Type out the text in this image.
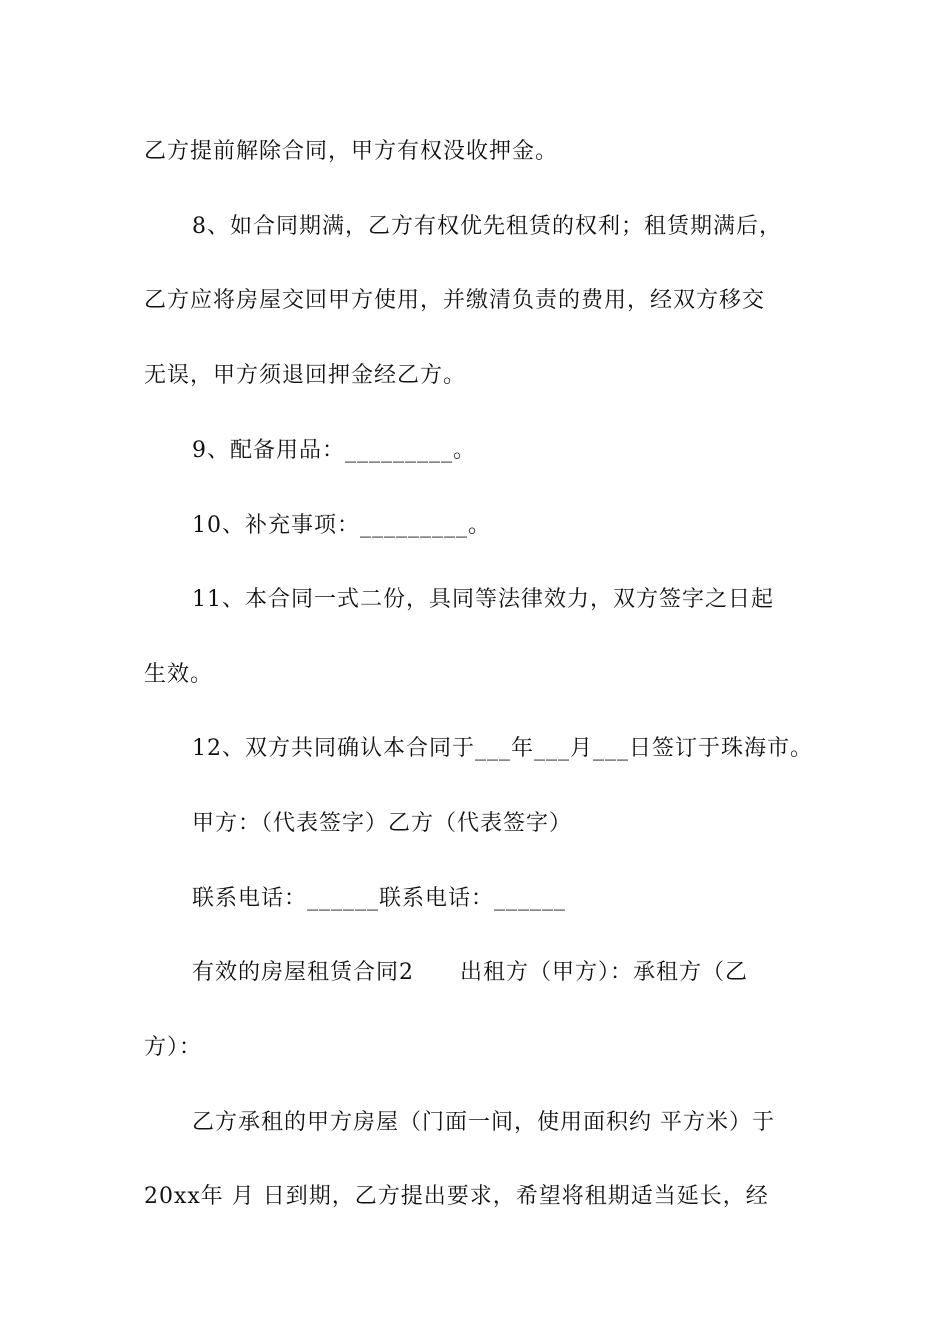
乙方提前解除合同，甲方有权没收押金。
8、如合同期满，乙方有权优先租赁的权利；租赁期满后，
乙方应将房屋交回甲方使用，并缴清负责的费用，经双方移交
无误，甲方须退回押金经乙方。
9、配备用品：_________。
10、补充事项：_________。
11、本合同一式二份，具同等法律效力，双方签字之日起
生效。
12、双方共同确认本合同于___年___月___日签订于珠海市。
甲方：（代表签字）乙方（代表签字）
联系电话：______联系电话：______
有效的房屋租赁合同2　　出租方（甲方）：承租方（乙
方）：
乙方承租的甲方房屋（门面一间，使用面积约 平方米）于
20xx年 月 日到期，乙方提出要求，希望将租期适当延长，经
